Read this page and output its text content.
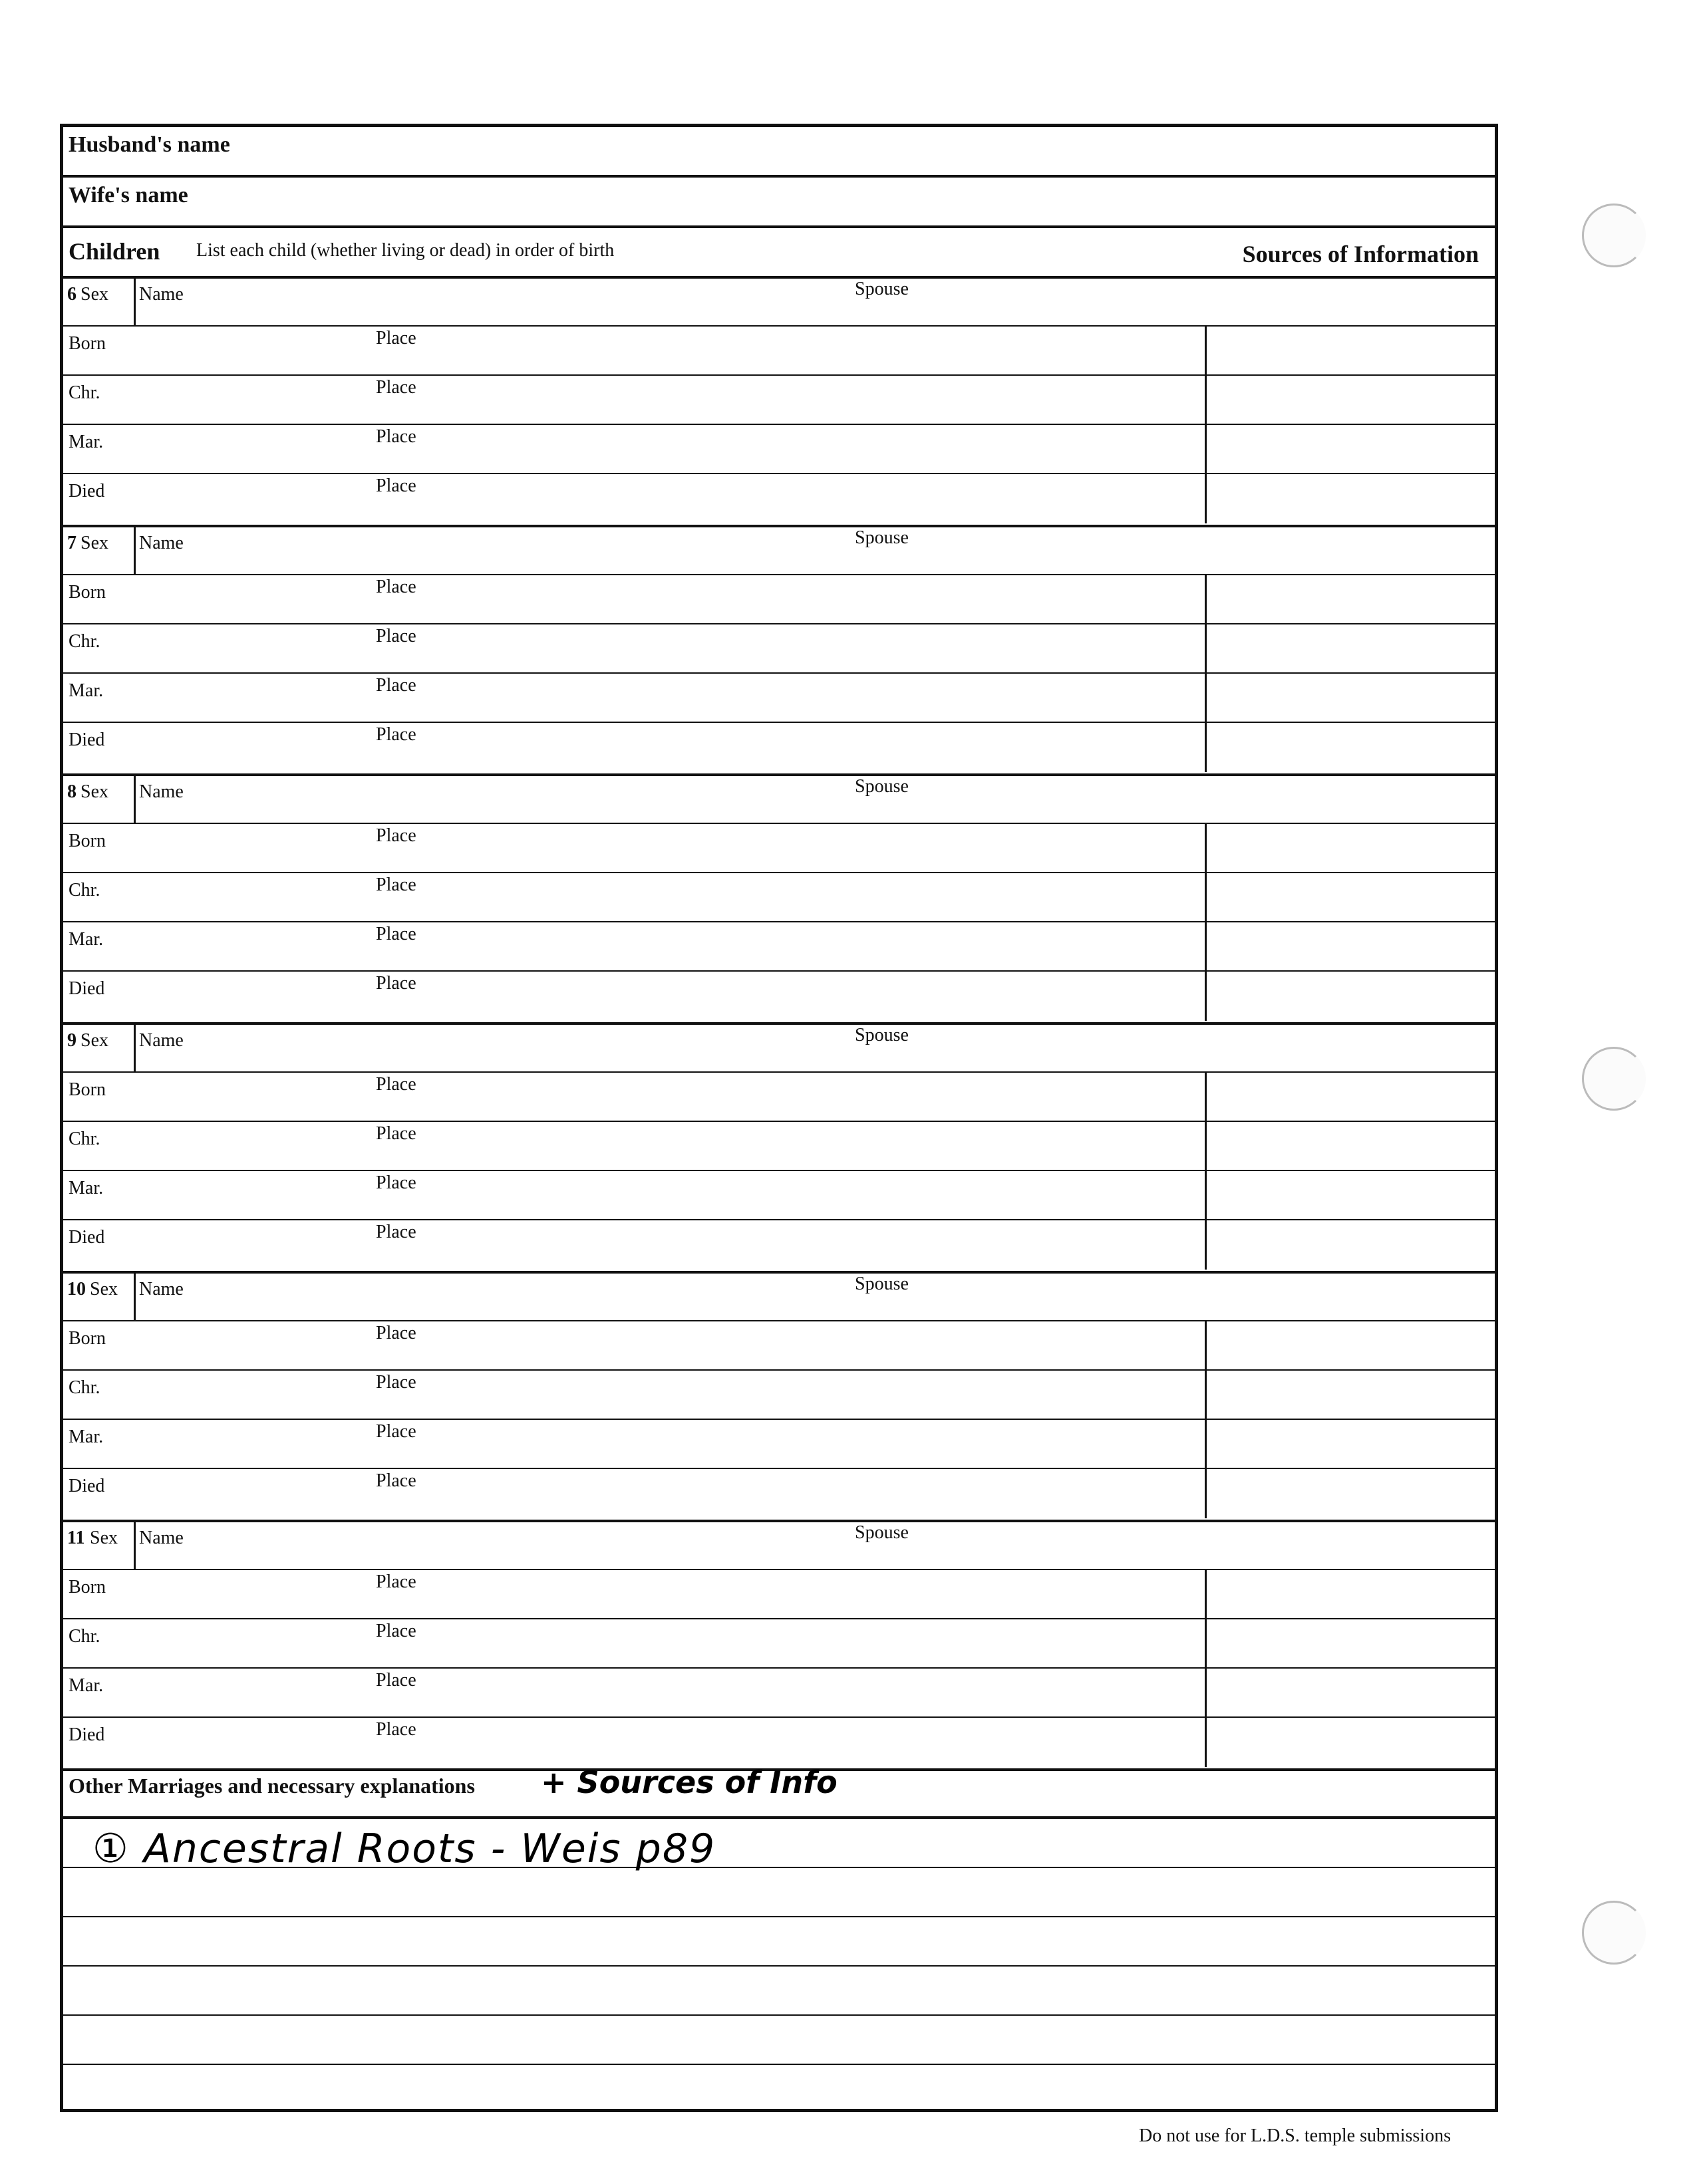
Husband's name
Wife's name
Children List each child (whether living or dead) in order of birth	Sources of Information
6 Sex Name	Spouse
Born	Place
Chr.	Place
Mar.	Place
Died	Place
7 Sex Name	Spouse
Born	Place
Chr.	Place
Mar.	Place
Died	Place
8 Sex Name	Spouse
Born	Place
Chr.	Place
Mar.	Place
Died	Place
9 Sex Name	Spouse
Born	Place
Chr.	Place
Mar.	Place
Died	Place
10 Sex Name	Spouse
Born	Place
Chr.	Place
Mar.	Place
Died	Place
11 Sex Name	Spouse
Born	Place
Chr.	Place
Mar.	Place
Died	Place
Other Marriages and necessary explanations + Sources of Info
① Ancestral Roots - Weis p89
Do not use for L.D.S. temple submissions
